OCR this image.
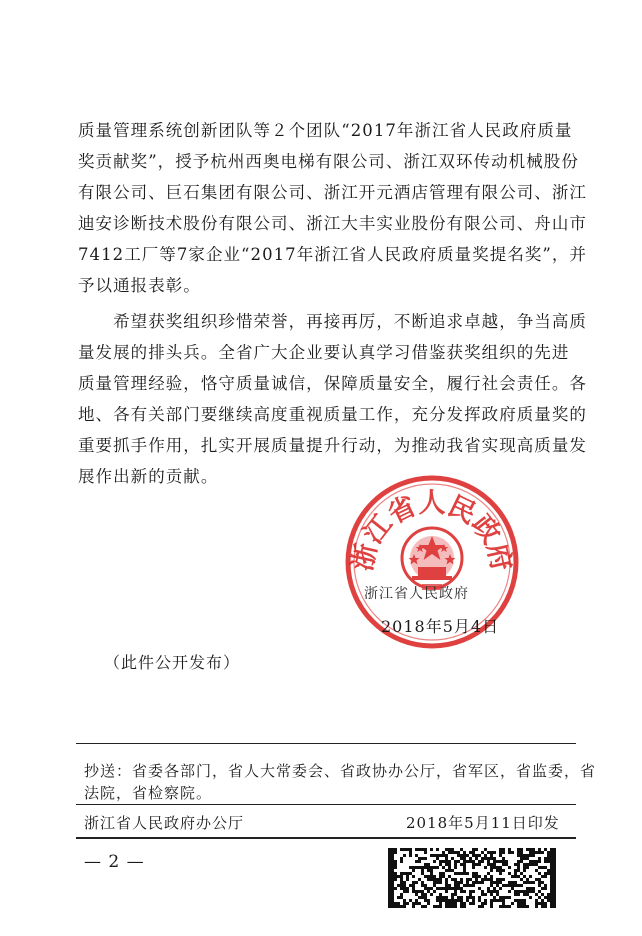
质量管理系统创新团队等２个团队“2017年浙江省人民政府质量
奖贡献奖”，授予杭州西奥电梯有限公司、浙江双环传动机械股份
有限公司、巨石集团有限公司、浙江开元酒店管理有限公司、浙江
迪安诊断技术股份有限公司、浙江大丰实业股份有限公司、舟山市
7412工厂等7家企业“2017年浙江省人民政府质量奖提名奖”，并
予以通报表彰。
　　希望获奖组织珍惜荣誉，再接再厉，不断追求卓越，争当高质
量发展的排头兵。全省广大企业要认真学习借鉴获奖组织的先进
质量管理经验，恪守质量诚信，保障质量安全，履行社会责任。各
地、各有关部门要继续高度重视质量工作，充分发挥政府质量奖的
重要抓手作用，扎实开展质量提升行动，为推动我省实现高质量发
展作出新的贡献。
浙江省人民政府
浙江省人民政府
2018年5月4日
（此件公开发布）
抄送：省委各部门，省人大常委会、省政协办公厅，省军区，省监委，省
法院，省检察院。
浙江省人民政府办公厅	2018年5月11日印发
— 2 —
